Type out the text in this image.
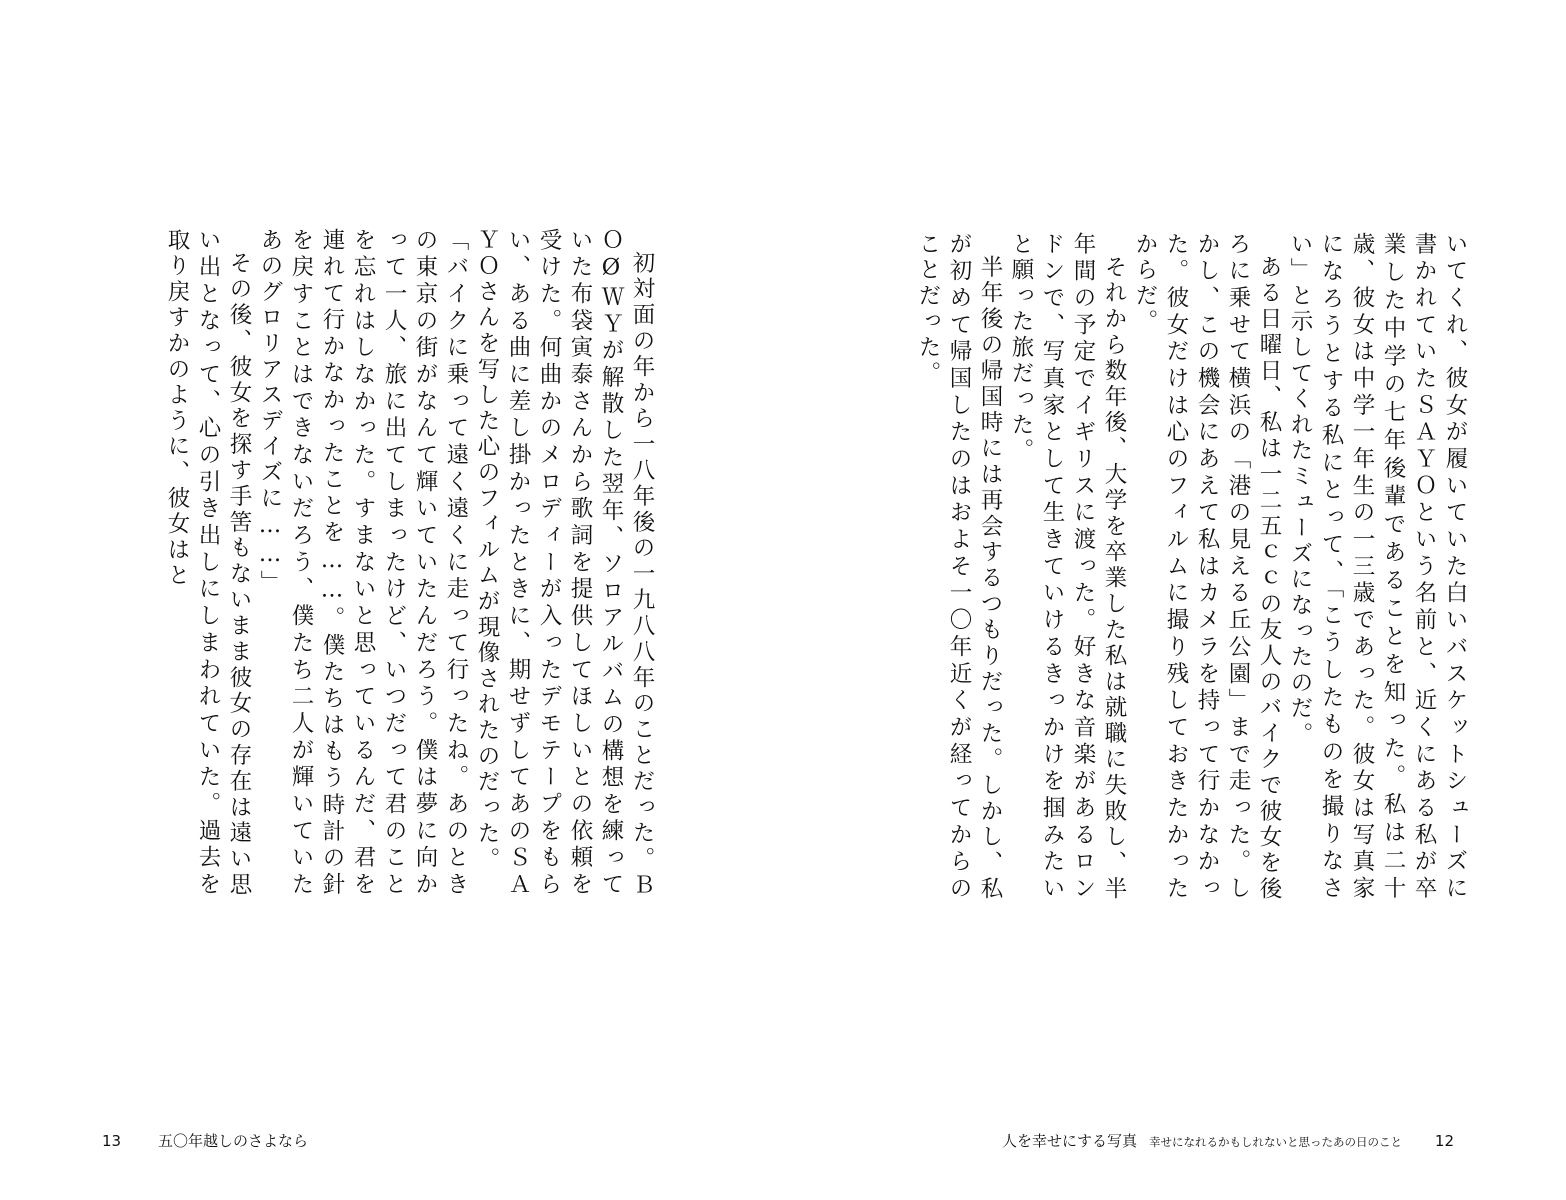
初対面の年から一八年後の一九八八年のことだった。ＢＯØＷＹが解散した翌年、ソロアルバムの構想を練っていた布袋寅泰さんから歌詞を提供してほしいとの依頼を受けた。何曲かのメロディーが入ったデモテープをもらい、ある曲に差し掛かったときに、期せずしてあのＳＡＹＯさんを写した心のフィルムが現像されたのだった。

「バイクに乗って遠く遠くに走って行ったね。あのときの東京の街がなんて輝いていたんだろう。僕は夢に向かって一人、旅に出てしまったけど、いつだって君のことを忘れはしなかった。すまないと思っているんだ、君を連れて行かなかったことを……。僕たちはもう時計の針を戻すことはできないだろう、僕たち二人が輝いていたあのグロリアスデイズに……」

その後、彼女を探す手筈もないまま彼女の存在は遠い思い出となって、心の引き出しにしまわれていた。過去を取り戻すかのように、彼女はと

13 五〇年越しのさよなら

いてくれ、彼女が履いていた白いバスケットシューズに書かれていたＳＡＹＯという名前と、近くにある私が卒業した中学の七年後輩であることを知った。私は二十歳、彼女は中学一年生の一三歳であった。彼女は写真家になろうとする私にとって、「こうしたものを撮りなさい」と示してくれたミューズになったのだ。

ある日曜日、私は一二五ｃｃの友人のバイクで彼女を後ろに乗せて横浜の「港の見える丘公園」まで走った。しかし、この機会にあえて私はカメラを持って行かなかった。彼女だけは心のフィルムに撮り残しておきたかったからだ。

それから数年後、大学を卒業した私は就職に失敗し、半年間の予定でイギリスに渡った。好きな音楽があるロンドンで、写真家として生きていけるきっかけを掴みたいと願った旅だった。

半年後の帰国時には再会するつもりだった。しかし、私が初めて帰国したのはおよそ一〇年近くが経ってからのことだった。

人を幸せにする写真 幸せになれるかもしれないと思ったあの日のこと 12
